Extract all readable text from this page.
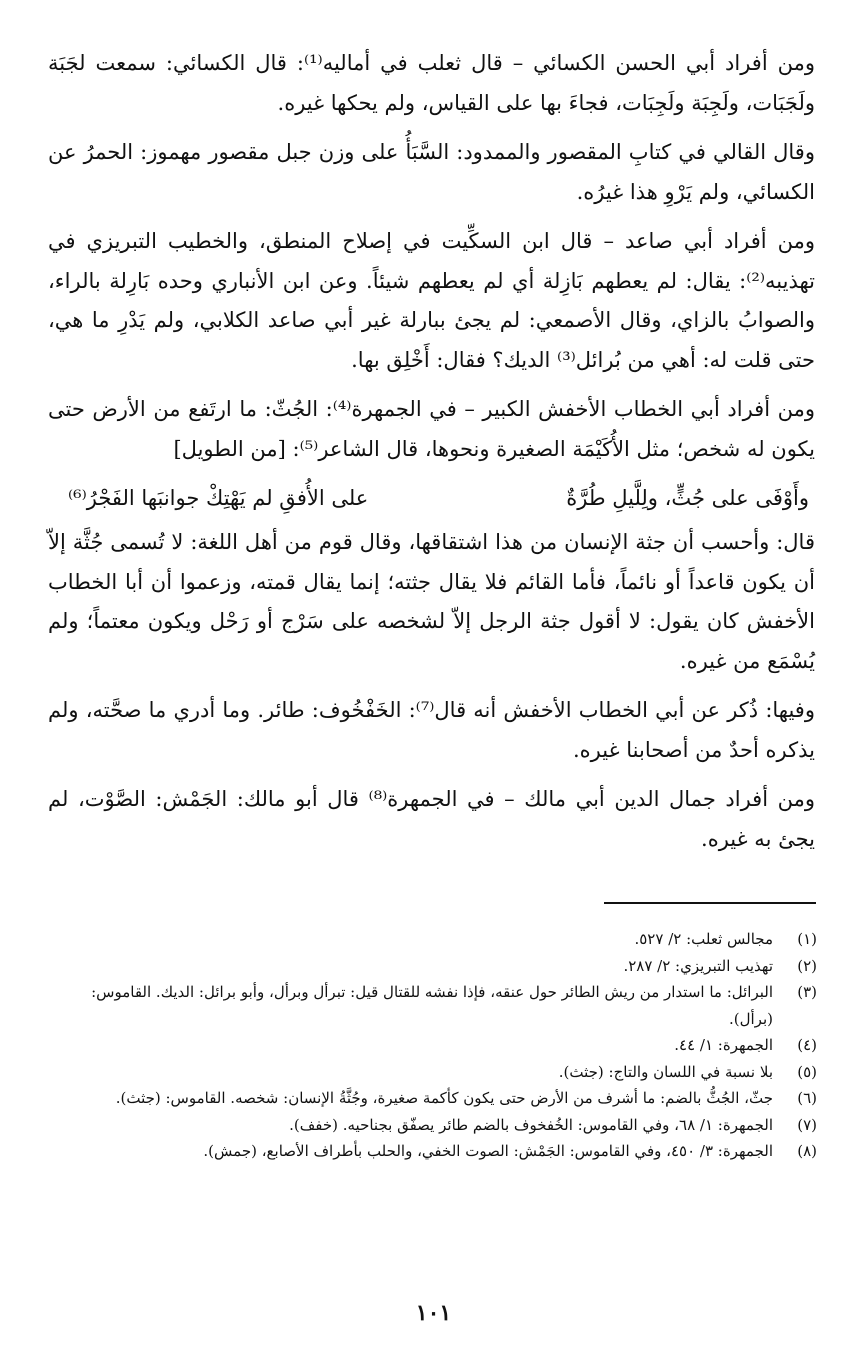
ومن أفراد أبي الحسن الكسائي – قال ثعلب في أماليه⁽¹⁾: قال الكسائي: سمعت لجَبَة ولَجَبَات، ولَجِبَة ولَجِبَات، فجاءَ بها على القياس، ولم يحكها غيره.

وقال القالي في كتابِ المقصور والممدود: السَّبَأُ على وزن جبل مقصور مهموز: الحمرُ عن الكسائي، ولم يَرْوِ هذا غيرُه.

ومن أفراد أبي صاعد – قال ابن السكِّيت في إصلاح المنطق، والخطيب التبريزي في تهذيبه⁽²⁾: يقال: لم يعطهم بَازِلة أي لم يعطهم شيئاً. وعن ابن الأنباري وحده بَارِلة بالراء، والصوابُ بالزاي، وقال الأصمعي: لم يجئ ببارلة غير أبي صاعد الكلابي، ولم يَدْرِ ما هي، حتى قلت له: أهي من بُرائل⁽³⁾ الديك؟ فقال: أَخْلِق بها.

ومن أفراد أبي الخطاب الأخفش الكبير – في الجمهرة⁽⁴⁾: الجُثّ: ما ارتَفع من الأرض حتى يكون له شخص؛ مثل الأُكَيْمَة الصغيرة ونحوها، قال الشاعر⁽⁵⁾: [من الطويل]

وأَوْفَى على جُثٍّ، ولِلَّيلِ طُرَّةٌ
على الأُفقِ لم يَهْتِكْ جوانبَها الفَجْرُ⁽⁶⁾

قال: وأحسب أن جثة الإنسان من هذا اشتقاقها، وقال قوم من أهل اللغة: لا تُسمى جُثَّة إلاّ أن يكون قاعداً أو نائماً، فأما القائم فلا يقال جثته؛ إنما يقال قمته، وزعموا أن أبا الخطاب الأخفش كان يقول: لا أقول جثة الرجل إلاّ لشخصه على سَرْج أو رَحْل ويكون معتماً؛ ولم يُسْمَع من غيره.

وفيها: ذُكر عن أبي الخطاب الأخفش أنه قال⁽⁷⁾: الخَفْخُوف: طائر. وما أدري ما صحَّته، ولم يذكره أحدٌ من أصحابنا غيره.

ومن أفراد جمال الدين أبي مالك – في الجمهرة⁽⁸⁾ قال أبو مالك: الجَمْش: الصَّوْت، لم يجئ به غيره.

(١)
مجالس ثعلب: ٢/ ٥٢٧.
(٢)
تهذيب التبريزي: ٢/ ٢٨٧.
(٣)
البرائل: ما استدار من ريش الطائر حول عنقه، فإذا نفشه للقتال قيل: تبرأل وبرأل، وأبو برائل: الديك. القاموس: (برأل).
(٤)
الجمهرة: ١/ ٤٤.
(٥)
بلا نسبة في اللسان والتاج: (جثث).
(٦)
جثّ، الجُثُّ بالضم: ما أشرف من الأرض حتى يكون كأكمة صغيرة، وجُثَّةُ الإنسان: شخصه. القاموس: (جثث).
(٧)
الجمهرة: ١/ ٦٨، وفي القاموس: الخُفخوف بالضم طائر يصفّق بجناحيه. (خفف).
(٨)
الجمهرة: ٣/ ٤٥٠، وفي القاموس: الجَمْش: الصوت الخفي، والحلب بأطراف الأصابع، (جمش).
١٠١
